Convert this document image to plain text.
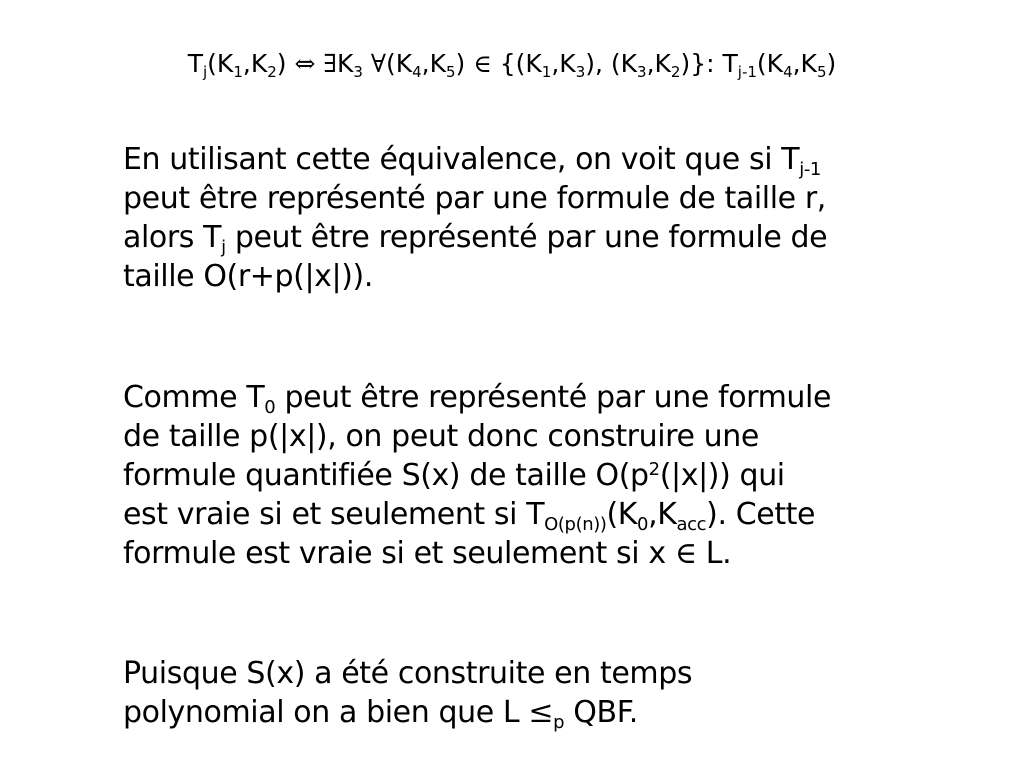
$T_j(K_1,K_2)$ ⇔ $\exists K_3$ $\forall(K_4,K_5)$ ∈ {$(K_1,K_3)$, $(K_3,K_2)$}: $T_{j-1}(K_4,K_5)$
En utilisant cette équivalence, on voit que si $T_{j-1}$
peut être représenté par une formule de taille r,
alors $T_j$ peut être représenté par une formule de
taille O(r+p(|x|)).
Comme $T_0$ peut être représenté par une formule
de taille p(|x|), on peut donc construire une
formule quantifiée S(x) de taille $O(p^2(|x|))$ qui
est vraie si et seulement si $T_{O(p(n))}(K_0,K_{acc})$. Cette
formule est vraie si et seulement si x ∈ L.
Puisque S(x) a été construite en temps
polynomial on a bien que $L \le_p$ QBF.
